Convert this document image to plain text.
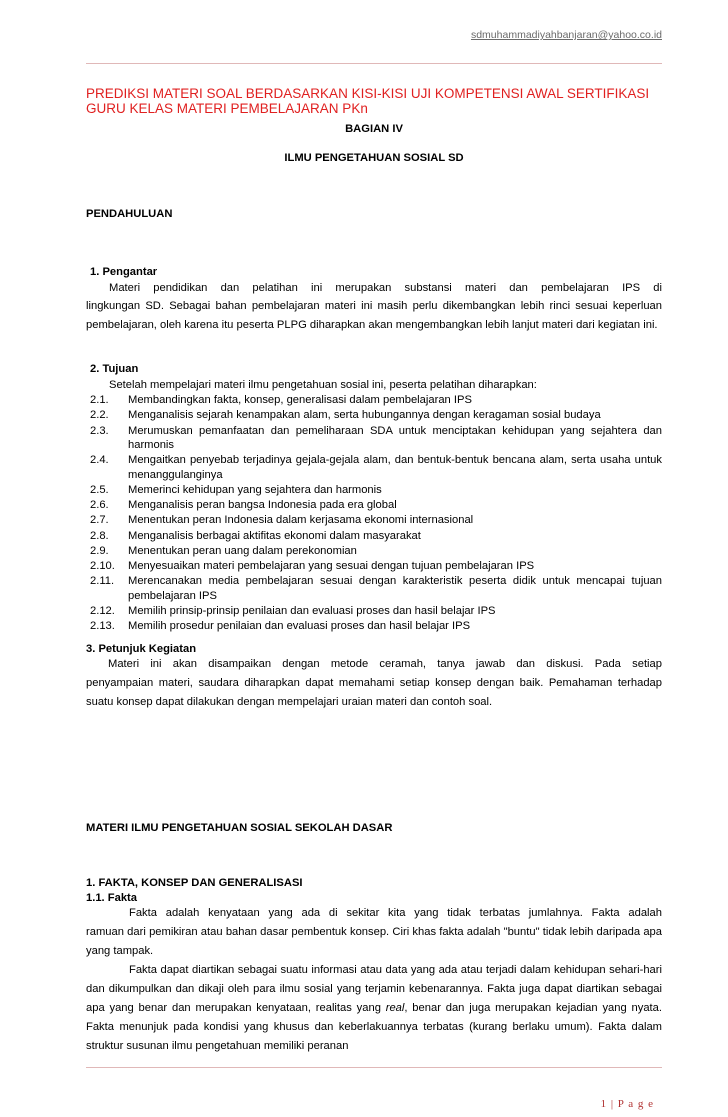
sdmuhammadiyahbanjaran@yahoo.co.id
PREDIKSI MATERI SOAL BERDASARKAN KISI-KISI UJI KOMPETENSI AWAL SERTIFIKASI GURU KELAS MATERI PEMBELAJARAN PKn
BAGIAN IV
ILMU PENGETAHUAN SOSIAL SD
PENDAHULUAN
1. Pengantar
Materi pendidikan dan pelatihan ini merupakan substansi materi dan pembelajaran IPS di
lingkungan SD. Sebagai bahan pembelajaran materi ini masih perlu dikembangkan lebih rinci sesuai keperluan pembelajaran, oleh karena itu peserta PLPG diharapkan akan mengembangkan lebih lanjut materi dari kegiatan ini.
2. Tujuan
Setelah mempelajari materi ilmu pengetahuan sosial ini, peserta pelatihan diharapkan:
2.1. Membandingkan fakta, konsep, generalisasi dalam pembelajaran IPS
2.2. Menganalisis sejarah kenampakan alam, serta hubungannya dengan keragaman sosial budaya
2.3. Merumuskan pemanfaatan dan pemeliharaan SDA untuk menciptakan kehidupan yang sejahtera dan harmonis
2.4. Mengaitkan penyebab terjadinya gejala-gejala alam, dan bentuk-bentuk bencana alam, serta usaha untuk menanggulanginya
2.5. Memerinci kehidupan yang sejahtera dan harmonis
2.6. Menganalisis peran bangsa Indonesia pada era global
2.7. Menentukan peran Indonesia dalam kerjasama ekonomi internasional
2.8. Menganalisis berbagai aktifitas ekonomi dalam masyarakat
2.9. Menentukan peran uang dalam perekonomian
2.10. Menyesuaikan materi pembelajaran yang sesuai dengan tujuan pembelajaran IPS
2.11. Merencanakan media pembelajaran sesuai dengan karakteristik peserta didik untuk mencapai tujuan pembelajaran IPS
2.12. Memilih prinsip-prinsip penilaian dan evaluasi proses dan hasil belajar IPS
2.13. Memilih prosedur penilaian dan evaluasi proses dan hasil belajar IPS
3. Petunjuk Kegiatan
Materi ini akan disampaikan dengan metode ceramah, tanya jawab dan diskusi. Pada setiap
penyampaian materi, saudara diharapkan dapat memahami setiap konsep dengan baik. Pemahaman terhadap suatu konsep dapat dilakukan dengan mempelajari uraian materi dan contoh soal.
MATERI ILMU PENGETAHUAN SOSIAL SEKOLAH DASAR
1. FAKTA, KONSEP DAN GENERALISASI
1.1. Fakta
Fakta adalah kenyataan yang ada di sekitar kita yang tidak terbatas jumlahnya. Fakta adalah
ramuan dari pemikiran atau bahan dasar pembentuk konsep. Ciri khas fakta adalah "buntu" tidak lebih daripada apa yang tampak.
Fakta dapat diartikan sebagai suatu informasi atau data yang ada atau terjadi dalam kehidupan sehari-hari dan dikumpulkan dan dikaji oleh para ilmu sosial yang terjamin kebenarannya. Fakta juga dapat diartikan sebagai apa yang benar dan merupakan kenyataan, realitas yang real, benar dan juga merupakan kejadian yang nyata. Fakta menunjuk pada kondisi yang khusus dan keberlakuannya terbatas (kurang berlaku umum). Fakta dalam struktur susunan ilmu pengetahuan memiliki peranan
1 | P a g e
